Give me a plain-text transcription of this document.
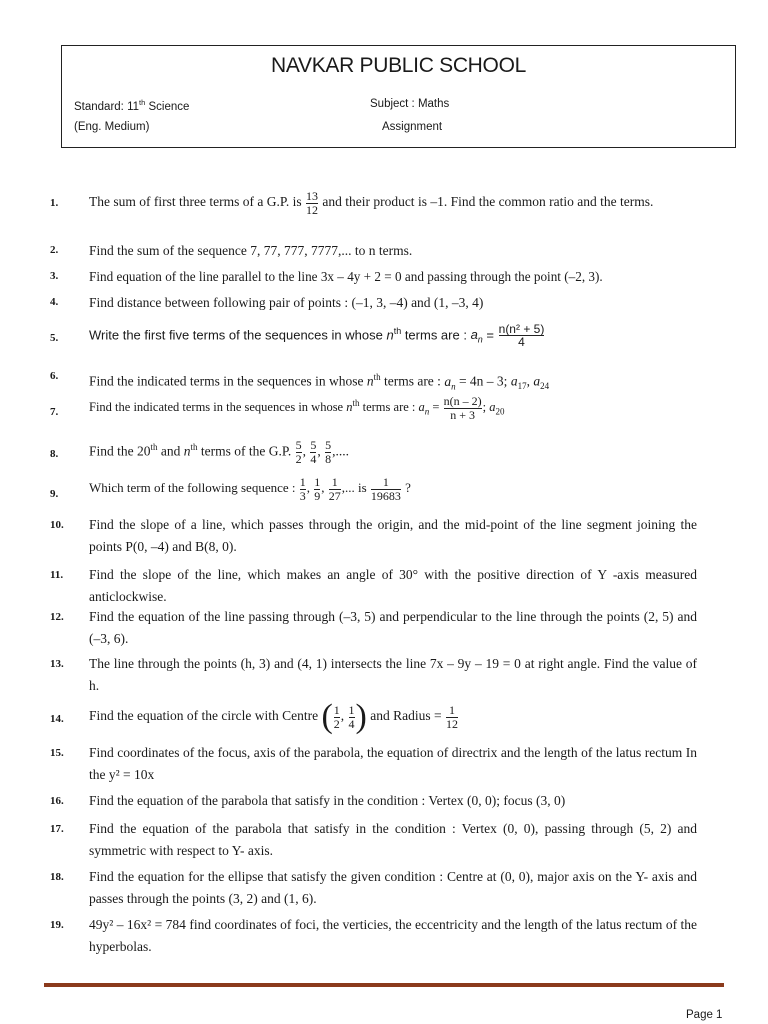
NAVKAR PUBLIC SCHOOL
Standard: 11th Science
(Eng. Medium)
Subject : Maths
Assignment
1. The sum of first three terms of a G.P. is $\frac{13}{12}$ and their product is –1. Find the common ratio and the terms.
2. Find the sum of the sequence 7, 77, 777, 7777,... to n terms.
3. Find equation of the line parallel to the line 3x – 4y + 2 = 0 and passing through the point (–2, 3).
4. Find distance between following pair of points : (–1, 3, –4) and (1, –3, 4)
5. Write the first five terms of the sequences in whose $n^{th}$ terms are : $a_n = \frac{\text{n(n² + 5)}}{4}$
6. Find the indicated terms in the sequences in whose $n^{th}$ terms are : $a_n = 4n - 3$; $a_{17}$, $a_{24}$
7. Find the indicated terms in the sequences in whose $n^{th}$ terms are : $a_n = \frac{n(n - 2)}{n + 3}$ ; $a_{20}$
8. Find the 20th and $n^{th}$ terms of the G.P. $\frac{5}{2}$ , $\frac{5}{4}$ , $\frac{5}{8}$ ,....
9. Which term of the following sequence : $\frac{1}{3}$ , $\frac{1}{9}$ , $\frac{1}{27}$ ,... is $\frac{1}{19683}$ ?
10. Find the slope of a line, which passes through the origin, and the mid-point of the line segment joining the points P(0, –4) and B(8, 0).
11. Find the slope of the line, which makes an angle of 30° with the positive direction of Y -axis measured anticlockwise.
12. Find the equation of the line passing through (–3, 5) and perpendicular to the line through the points (2, 5) and (–3, 6).
13. The line through the points (h, 3) and (4, 1) intersects the line 7x – 9y – 19 = 0 at right angle. Find the value of h.
14. Find the equation of the circle with Centre ( $\frac{1}{2}$ , $\frac{1}{4}$ ) and Radius = $\frac{1}{12}$
15. Find coordinates of the focus, axis of the parabola, the equation of directrix and the length of the latus rectum In the y² = 10x
16. Find the equation of the parabola that satisfy in the condition : Vertex (0, 0); focus (3, 0)
17. Find the equation of the parabola that satisfy in the condition : Vertex (0, 0), passing through (5, 2) and symmetric with respect to Y- axis.
18. Find the equation for the ellipse that satisfy the given condition : Centre at (0, 0), major axis on the Y- axis and passes through the points (3, 2) and (1, 6).
19. 49y² – 16x² = 784 find coordinates of foci, the verticies, the eccentricity and the length of the latus rectum of the hyperbolas.
Page 1
